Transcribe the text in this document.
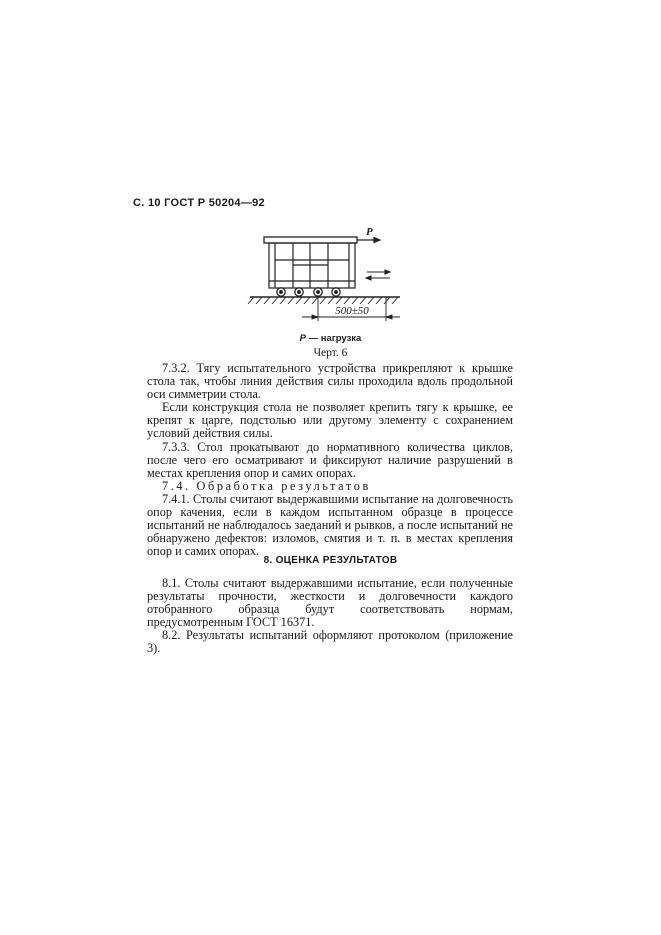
С. 10 ГОСТ Р 50204—92
P
500±50
P — нагрузка
Черт. 6

7.3.2. Тягу испытательного устройства прикрепляют к крышке стола так, чтобы линия действия силы проходила вдоль продольной оси симметрии стола.

Если конструкция стола не позволяет крепить тягу к крышке, ее крепят к царге, подстолью или другому элементу с сохранением условий действия силы.

7.3.3. Стол прокатывают до нормативного количества циклов, после чего его осматривают и фиксируют наличие разрушений в местах крепления опор и самих опорах.

7.4. Обработка результатов

7.4.1. Столы считают выдержавшими испытание на долговечность опор качения, если в каждом испытанном образце в процессе испытаний не наблюдалось заеданий и рывков, а после испытаний не обнаружено дефектов: изломов, смятия и т. п. в местах крепления опор и самих опорах.

8. ОЦЕНКА РЕЗУЛЬТАТОВ

8.1. Столы считают выдержавшими испытание, если полученные результаты прочности, жесткости и долговечности каждого отобранного образца будут соответствовать нормам, предусмотренным ГОСТ 16371.

8.2. Результаты испытаний оформляют протоколом (приложение 3).
